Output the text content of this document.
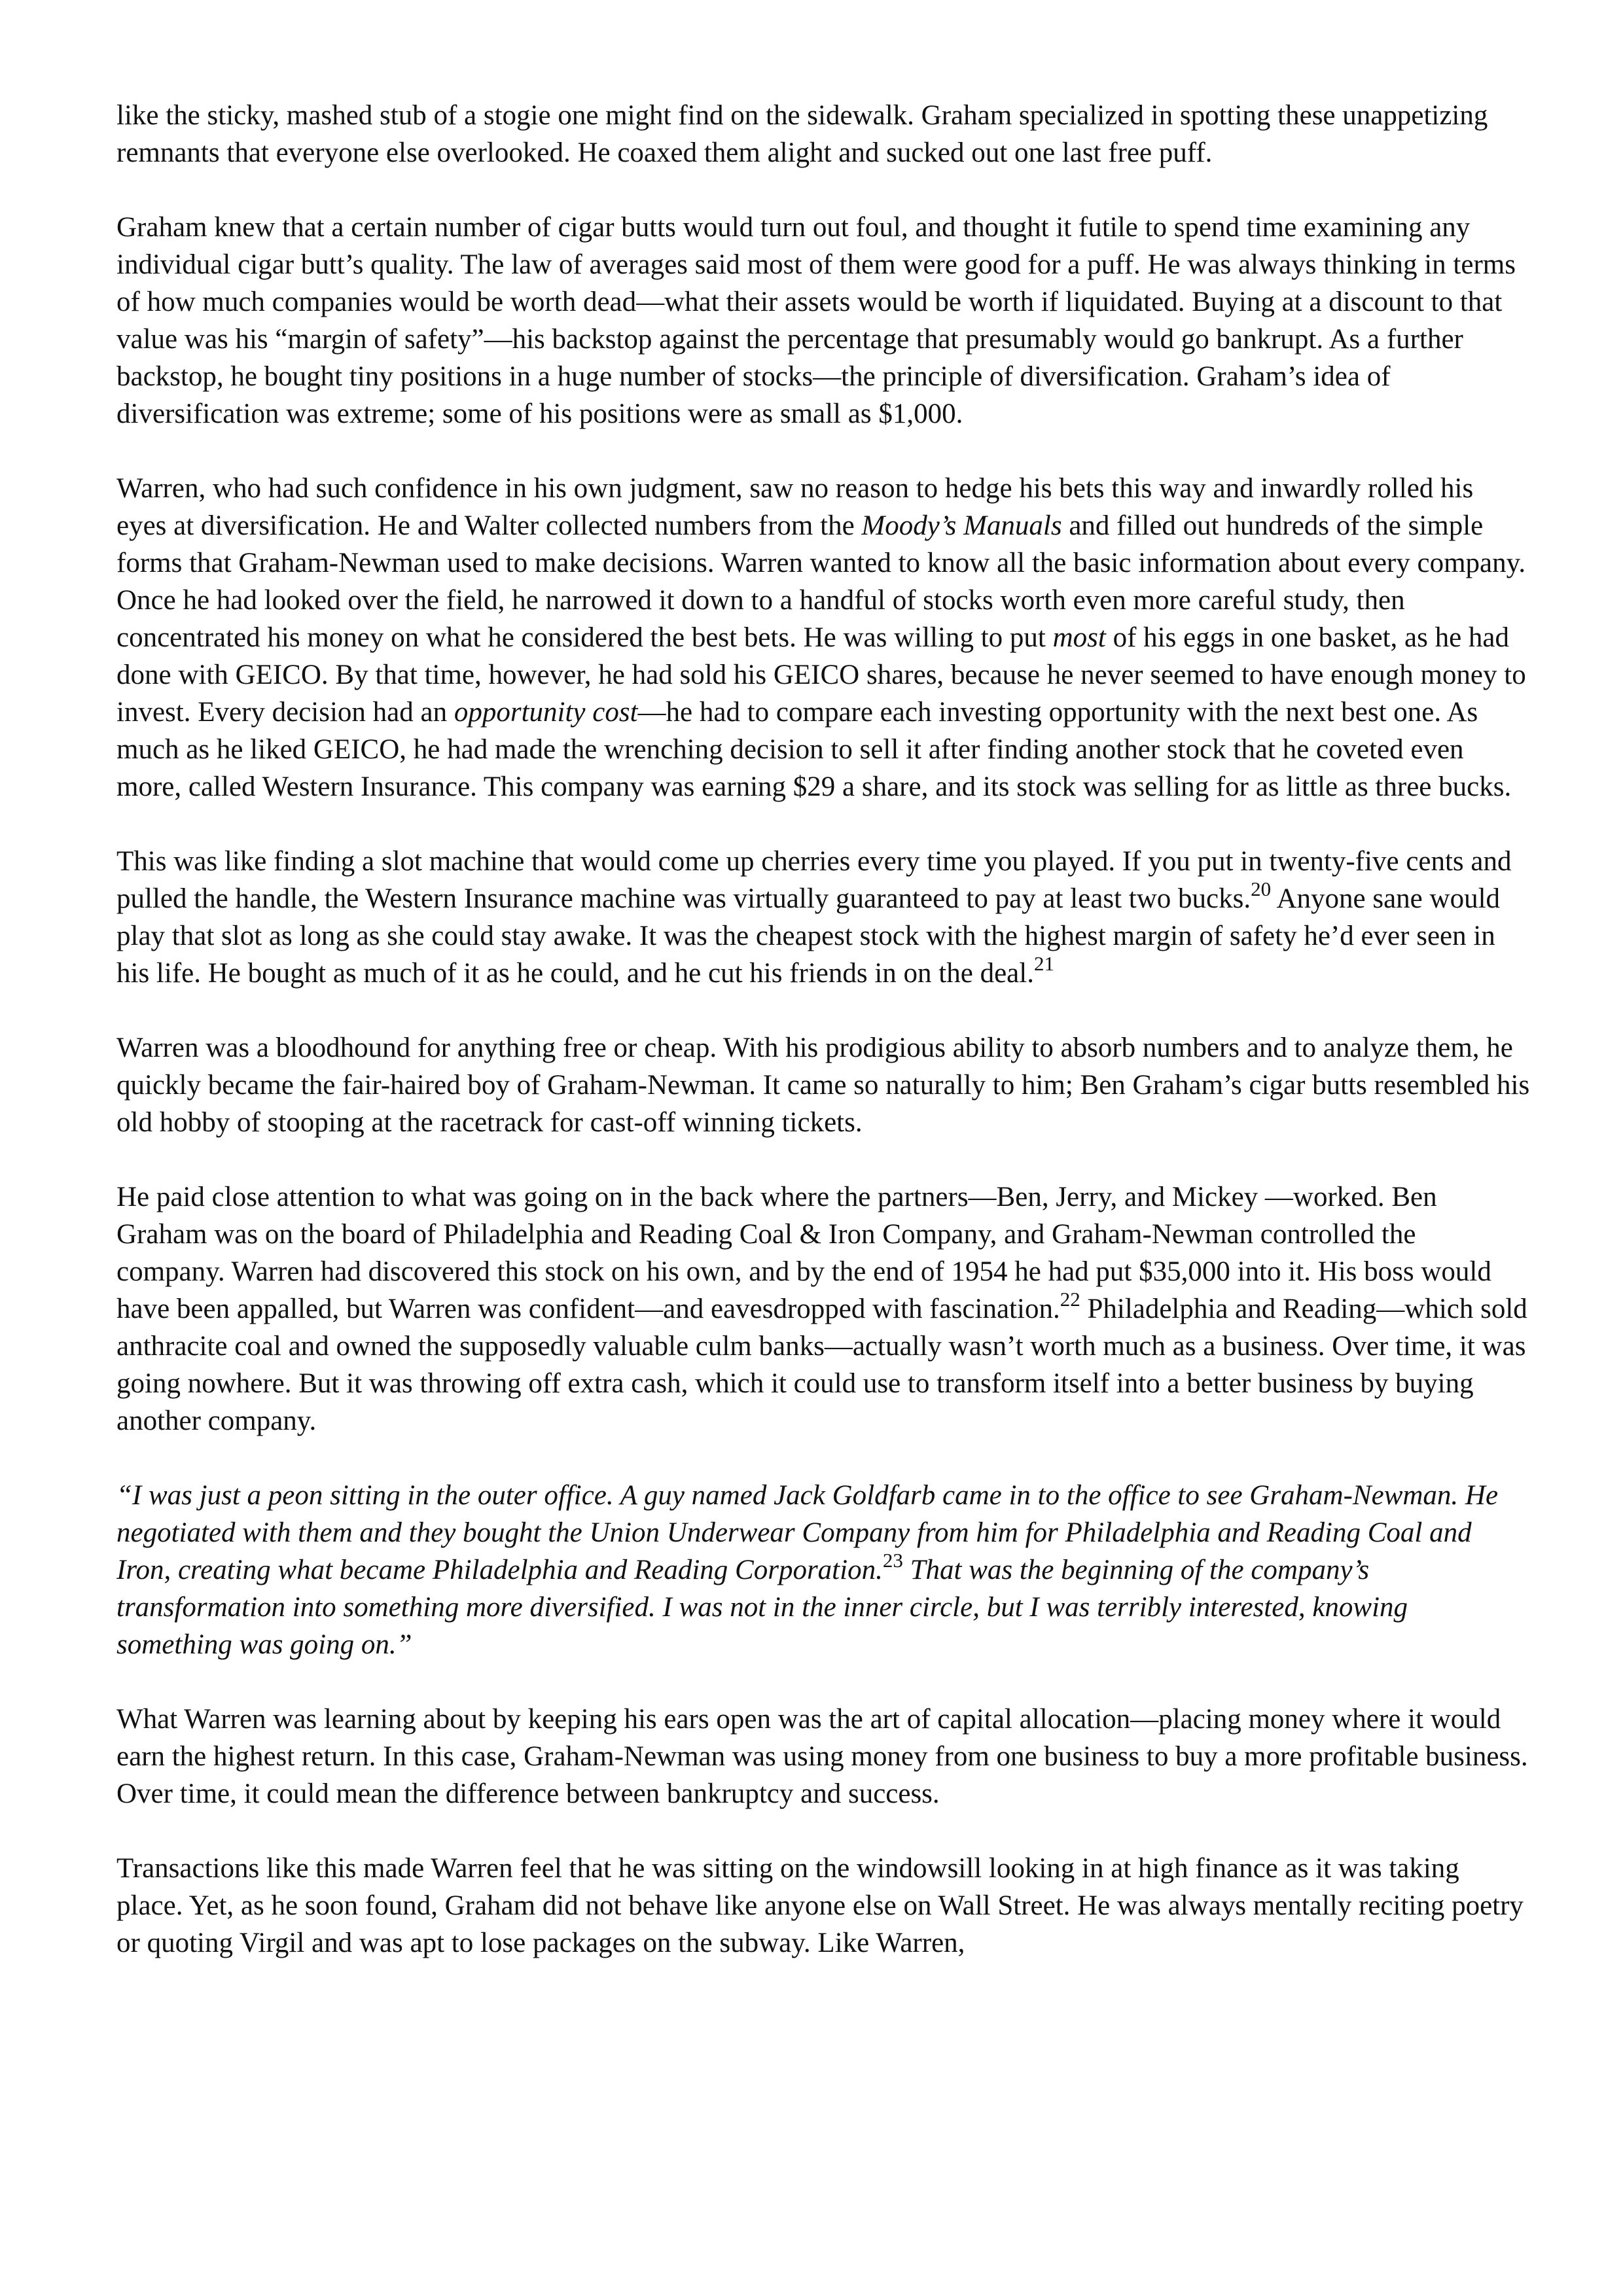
like the sticky, mashed stub of a stogie one might find on the sidewalk. Graham specialized in spotting these unappetizing remnants that everyone else overlooked. He coaxed them alight and sucked out one last free puff.

Graham knew that a certain number of cigar butts would turn out foul, and thought it futile to spend time examining any individual cigar butt’s quality. The law of averages said most of them were good for a puff. He was always thinking in terms of how much companies would be worth dead—what their assets would be worth if liquidated. Buying at a discount to that value was his “margin of safety”—his backstop against the percentage that presumably would go bankrupt. As a further backstop, he bought tiny positions in a huge number of stocks—the principle of diversification. Graham’s idea of diversification was extreme; some of his positions were as small as $1,000.

Warren, who had such confidence in his own judgment, saw no reason to hedge his bets this way and inwardly rolled his eyes at diversification. He and Walter collected numbers from the Moody’s Manuals and filled out hundreds of the simple forms that Graham-Newman used to make decisions. Warren wanted to know all the basic information about every company. Once he had looked over the field, he narrowed it down to a handful of stocks worth even more careful study, then concentrated his money on what he considered the best bets. He was willing to put most of his eggs in one basket, as he had done with GEICO. By that time, however, he had sold his GEICO shares, because he never seemed to have enough money to invest. Every decision had an opportunity cost—he had to compare each investing opportunity with the next best one. As much as he liked GEICO, he had made the wrenching decision to sell it after finding another stock that he coveted even more, called Western Insurance. This company was earning $29 a share, and its stock was selling for as little as three bucks.

This was like finding a slot machine that would come up cherries every time you played. If you put in twenty-five cents and pulled the handle, the Western Insurance machine was virtually guaranteed to pay at least two bucks.$^{20}$ Anyone sane would play that slot as long as she could stay awake. It was the cheapest stock with the highest margin of safety he’d ever seen in his life. He bought as much of it as he could, and he cut his friends in on the deal.$^{21}$

Warren was a bloodhound for anything free or cheap. With his prodigious ability to absorb numbers and to analyze them, he quickly became the fair-haired boy of Graham-Newman. It came so naturally to him; Ben Graham’s cigar butts resembled his old hobby of stooping at the racetrack for cast-off winning tickets.

He paid close attention to what was going on in the back where the partners—Ben, Jerry, and Mickey —worked. Ben Graham was on the board of Philadelphia and Reading Coal & Iron Company, and Graham-Newman controlled the company. Warren had discovered this stock on his own, and by the end of 1954 he had put $35,000 into it. His boss would have been appalled, but Warren was confident—and eavesdropped with fascination.$^{22}$ Philadelphia and Reading—which sold anthracite coal and owned the supposedly valuable culm banks—actually wasn’t worth much as a business. Over time, it was going nowhere. But it was throwing off extra cash, which it could use to transform itself into a better business by buying another company.

“I was just a peon sitting in the outer office. A guy named Jack Goldfarb came in to the office to see Graham-Newman. He negotiated with them and they bought the Union Underwear Company from him for Philadelphia and Reading Coal and Iron, creating what became Philadelphia and Reading Corporation.$^{23}$ That was the beginning of the company’s transformation into something more diversified. I was not in the inner circle, but I was terribly interested, knowing something was going on.”

What Warren was learning about by keeping his ears open was the art of capital allocation—placing money where it would earn the highest return. In this case, Graham-Newman was using money from one business to buy a more profitable business. Over time, it could mean the difference between bankruptcy and success.

Transactions like this made Warren feel that he was sitting on the windowsill looking in at high finance as it was taking place. Yet, as he soon found, Graham did not behave like anyone else on Wall Street. He was always mentally reciting poetry or quoting Virgil and was apt to lose packages on the subway. Like Warren,
